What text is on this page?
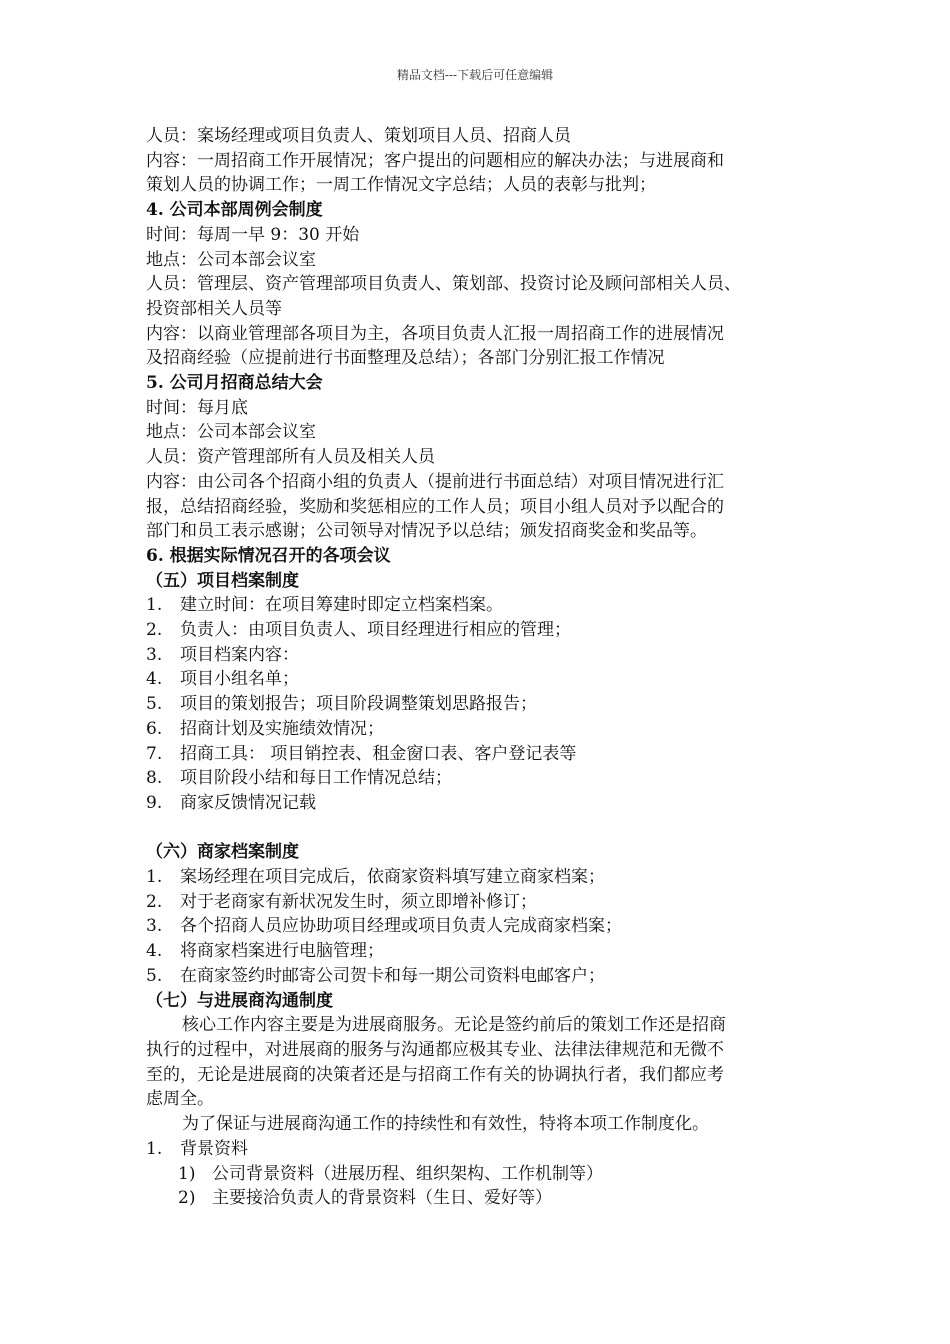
精品文档---下载后可任意编辑
人员：案场经理或项目负责人、策划项目人员、招商人员
内容：一周招商工作开展情况；客户提出的问题相应的解决办法；与进展商和
策划人员的协调工作；一周工作情况文字总结；人员的表彰与批判；
4. 公司本部周例会制度
时间：每周一早 9：30 开始
地点：公司本部会议室
人员：管理层、资产管理部项目负责人、策划部、投资讨论及顾问部相关人员、
投资部相关人员等
内容：以商业管理部各项目为主，各项目负责人汇报一周招商工作的进展情况
及招商经验（应提前进行书面整理及总结）；各部门分别汇报工作情况
5. 公司月招商总结大会
时间：每月底
地点：公司本部会议室
人员：资产管理部所有人员及相关人员
内容：由公司各个招商小组的负责人（提前进行书面总结）对项目情况进行汇
报，总结招商经验，奖励和奖惩相应的工作人员；项目小组人员对予以配合的
部门和员工表示感谢；公司领导对情况予以总结；颁发招商奖金和奖品等。
6. 根据实际情况召开的各项会议
（五）项目档案制度
1. 建立时间：在项目筹建时即定立档案档案。
2. 负责人：由项目负责人、项目经理进行相应的管理；
3. 项目档案内容：
4. 项目小组名单；
5. 项目的策划报告；项目阶段调整策划思路报告；
6. 招商计划及实施绩效情况；
7. 招商工具： 项目销控表、租金窗口表、客户登记表等
8. 项目阶段小结和每日工作情况总结；
9. 商家反馈情况记载
（六）商家档案制度
1. 案场经理在项目完成后，依商家资料填写建立商家档案；
2. 对于老商家有新状况发生时，须立即增补修订；
3. 各个招商人员应协助项目经理或项目负责人完成商家档案；
4. 将商家档案进行电脑管理；
5. 在商家签约时邮寄公司贺卡和每一期公司资料电邮客户；
（七）与进展商沟通制度
核心工作内容主要是为进展商服务。无论是签约前后的策划工作还是招商
执行的过程中，对进展商的服务与沟通都应极其专业、法律法律规范和无微不
至的，无论是进展商的决策者还是与招商工作有关的协调执行者，我们都应考
虑周全。
为了保证与进展商沟通工作的持续性和有效性，特将本项工作制度化。
1. 背景资料
1) 公司背景资料（进展历程、组织架构、工作机制等）
2) 主要接洽负责人的背景资料（生日、爱好等）
